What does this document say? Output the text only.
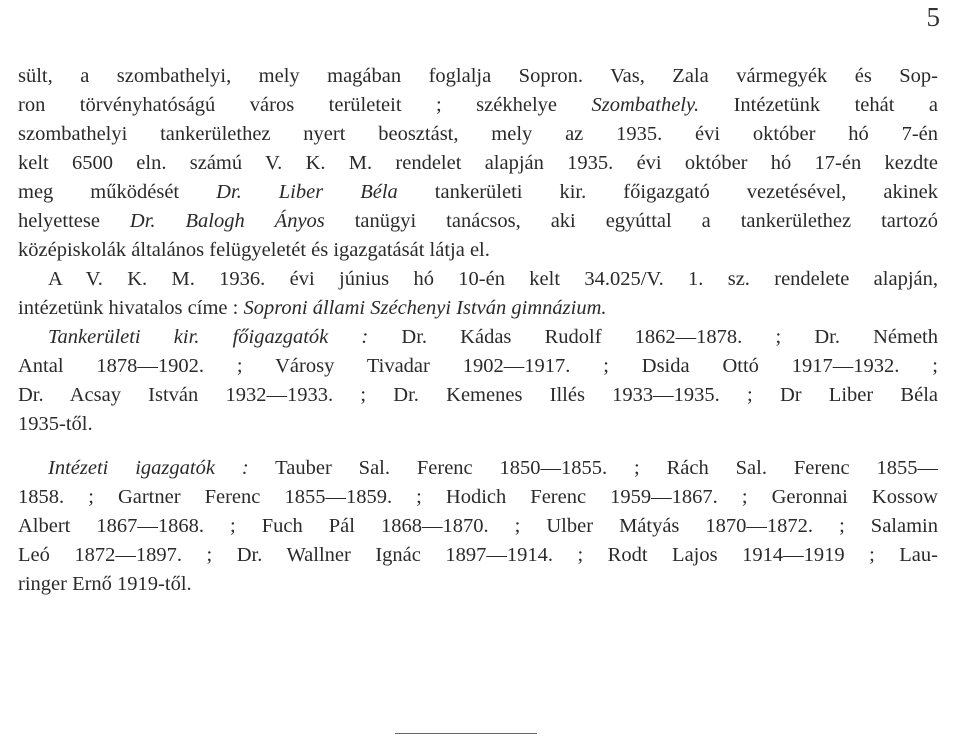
5
sült, a szombathelyi, mely magában foglalja Sopron. Vas, Zala vármegyék és Sop-
ron törvényhatóságú város területeit ; székhelye Szombathely. Intézetünk tehát a
szombathelyi tankerülethez nyert beosztást, mely az 1935. évi október hó 7-én
kelt 6500 eln. számú V. K. M. rendelet alapján 1935. évi október hó 17-én kezdte
meg működését Dr. Liber Béla tankerületi kir. főigazgató vezetésével, akinek
helyettese Dr. Balogh Ányos tanügyi tanácsos, aki egyúttal a tankerülethez tartozó
középiskolák általános felügyeletét és igazgatását látja el.
A V. K. M. 1936. évi június hó 10-én kelt 34.025/V. 1. sz. rendelete alapján,
intézetünk hivatalos címe : Soproni állami Széchenyi István gimnázium.
Tankerületi kir. főigazgatók : Dr. Kádas Rudolf 1862—1878. ; Dr. Németh
Antal 1878—1902. ; Városy Tivadar 1902—1917. ; Dsida Ottó 1917—1932. ;
Dr. Acsay István 1932—1933. ; Dr. Kemenes Illés 1933—1935. ; Dr Liber Béla
1935-től.
Intézeti igazgatók : Tauber Sal. Ferenc 1850—1855. ; Rách Sal. Ferenc 1855—
1858. ; Gartner Ferenc 1855—1859. ; Hodich Ferenc 1959—1867. ; Geronnai Kossow
Albert 1867—1868. ; Fuch Pál 1868—1870. ; Ulber Mátyás 1870—1872. ; Salamin
Leó 1872—1897. ; Dr. Wallner Ignác 1897—1914. ; Rodt Lajos 1914—1919 ; Lau-
ringer Ernő 1919-től.
